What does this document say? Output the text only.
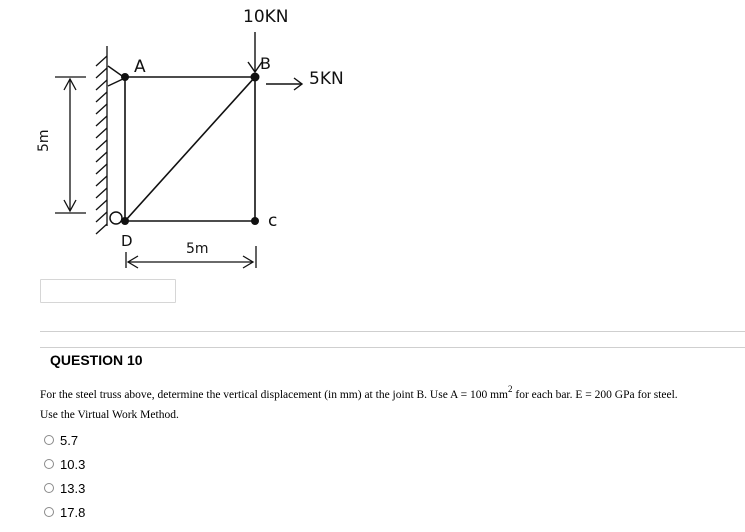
10KN
5KN
A	B
c
D
5m
5m
QUESTION 10
For the steel truss above, determine the vertical displacement (in mm) at the joint B. Use A = 100 $mm^2$ for each bar. E = 200 GPa for steel.
Use the Virtual Work Method.
5.7
10.3
13.3
17.8
